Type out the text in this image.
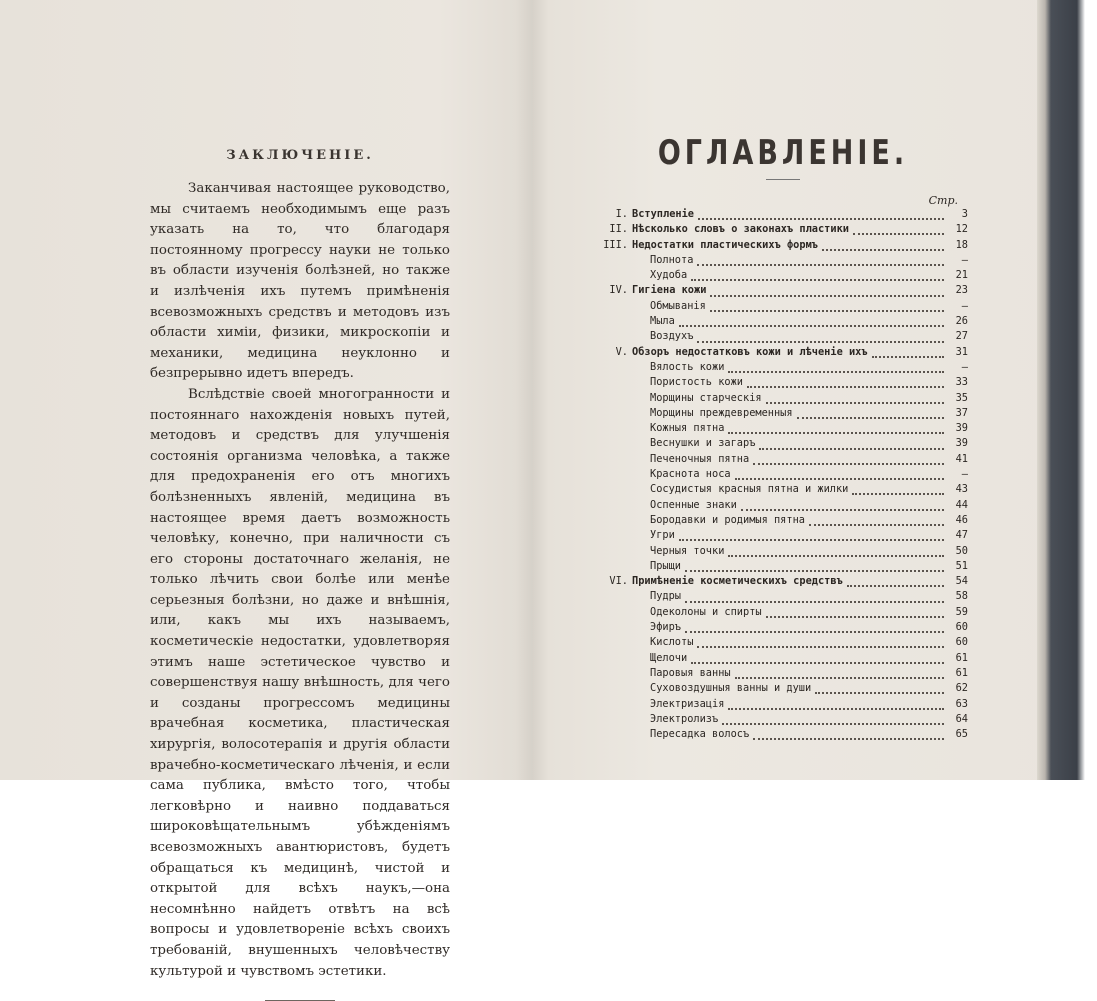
ЗАКЛЮЧЕНІЕ.

Заканчивая настоящее руководство, мы считаемъ необходимымъ еще разъ указать на то, что благодаря постоянному прогрессу науки не только въ области изученія болѣзней, но также и излѣченія ихъ путемъ примѣненія всевозможныхъ средствъ и методовъ изъ области химіи, физики, микроскопіи и механики, медицина неуклонно и безпрерывно идетъ впередъ.

Вслѣдствіе своей многогранности и постояннаго нахожденія новыхъ путей, методовъ и средствъ для улучшенія состоянія организма человѣка, а также для предохраненія его отъ многихъ болѣзненныхъ явленій, медицина въ настоящее время даетъ возможность человѣку, конечно, при наличности съ его стороны достаточнаго желанія, не только лѣчить свои болѣе или менѣе серьезныя болѣзни, но даже и внѣшнія, или, какъ мы ихъ называемъ, косметическіе недостатки, удовлетворяя этимъ наше эстетическое чувство и совершенствуя нашу внѣшность, для чего и созданы прогрессомъ медицины врачебная косметика, пластическая хирургія, волосотерапія и другія области врачебно-косметическаго лѣченія, и если сама публика, вмѣсто того, чтобы легковѣрно и наивно поддаваться широковѣщательнымъ убѣжденіямъ всевозможныхъ авантюристовъ, будетъ обращаться къ медицинѣ, чистой и открытой для всѣхъ наукъ,—она несомнѣнно найдетъ отвѣтъ на всѣ вопросы и удовлетвореніе всѣхъ своихъ требованій, внушенныхъ человѣчеству культурой и чувствомъ эстетики.

ОГЛАВЛЕНІЕ.
Стр.
I. Вступленіе	3
II. Нѣсколько словъ о законахъ пластики	12
III. Недостатки пластическихъ формъ	18
Полнота	—
Худоба	21
IV. Гигіена кожи	23
Обмыванія	—
Мыла	26
Воздухъ	27
V. Обзоръ недостатковъ кожи и лѣченіе ихъ	31
Вялость кожи	—
Пористость кожи	33
Морщины старческія	35
Морщины преждевременныя	37
Кожныя пятна	39
Веснушки и загаръ	39
Печеночныя пятна	41
Краснота носа	—
Сосудистыя красныя пятна и жилки	43
Оспенные знаки	44
Бородавки и родимыя пятна	46
Угри	47
Черныя точки	50
Прыщи	51
VI. Примѣненіе косметическихъ средствъ	54
Пудры	58
Одеколоны и спирты	59
Эфиръ	60
Кислоты	60
Щелочи	61
Паровыя ванны	61
Суховоздушныя ванны и души	62
Электризація	63
Электролизъ	64
Пересадка волосъ	65
